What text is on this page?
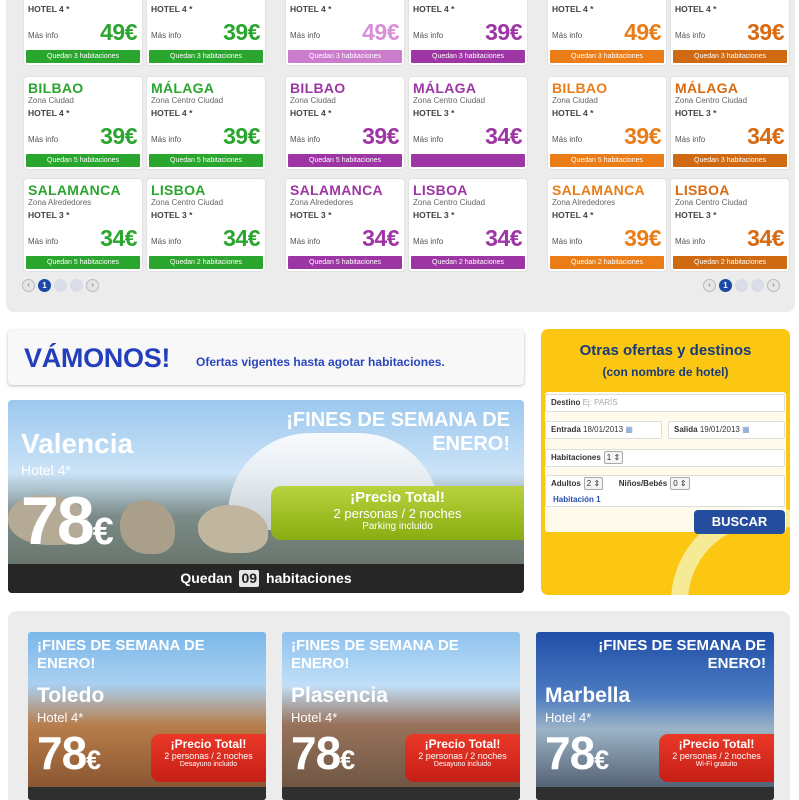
HOTEL 4 *
Más info 49€
Quedan 3 habitaciones
HOTEL 4 *
Más info 39€
Quedan 3 habitaciones
HOTEL 4 *
Más info 49€
Quedan 3 habitaciones
HOTEL 4 *
Más info 39€
Quedan 3 habitaciones
HOTEL 4 *
Más info 49€
Quedan 3 habitaciones
HOTEL 4 *
Más info 39€
Quedan 3 habitaciones
BILBAO
Zona Ciudad
HOTEL 4 *
Más info 39€
Quedan 5 habitaciones
MÁLAGA
Zona Centro Ciudad
HOTEL 4 *
Más info 39€
Quedan 5 habitaciones
BILBAO
Zona Ciudad
HOTEL 4 *
Más info 39€
Quedan 5 habitaciones
MÁLAGA
Zona Centro Ciudad
HOTEL 3 *
Más info 34€
BILBAO
Zona Ciudad
HOTEL 4 *
Más info 39€
Quedan 5 habitaciones
MÁLAGA
Zona Centro Ciudad
HOTEL 3 *
Más info 34€
Quedan 3 habitaciones
SALAMANCA
Zona Alrededores
HOTEL 3 *
Más info 34€
Quedan 5 habitaciones
LISBOA
Zona Centro Ciudad
HOTEL 3 *
Más info 34€
Quedan 2 habitaciones
SALAMANCA
Zona Alrededores
HOTEL 3 *
Más info 34€
Quedan 5 habitaciones
LISBOA
Zona Centro Ciudad
HOTEL 3 *
Más info 34€
Quedan 2 habitaciones
SALAMANCA
Zona Alrededores
HOTEL 4 *
Más info 39€
Quedan 2 habitaciones
LISBOA
Zona Centro Ciudad
HOTEL 3 *
Más info 34€
Quedan 2 habitaciones
‹	1	›	‹	1	›
VÁMONOS! Ofertas vigentes hasta agotar habitaciones.
¡FINES DE SEMANA DE ENERO!
Valencia
Hotel 4*
78€
¡Precio Total!
2 personas / 2 noches
Parking incluido
Quedan 09 habitaciones
Otras ofertas y destinos
(con nombre de hotel)
Destino Ej: PARÍS
Entrada 18/01/2013 ▦	Salida 19/01/2013 ▦
Habitaciones 1 ⇕
Adultos 2 ⇕ Niños/Bebés 0 ⇕
Habitación 1
BUSCAR
¡FINES DE SEMANA DE ENERO!
Toledo
Hotel 4*
78€
¡Precio Total!
2 personas / 2 noches
Desayuno incluido
¡FINES DE SEMANA DE ENERO!
Plasencia
Hotel 4*
78€
¡Precio Total!
2 personas / 2 noches
Desayuno incluido
¡FINES DE SEMANA DE ENERO!
Marbella
Hotel 4*
78€
¡Precio Total!
2 personas / 2 noches
Wi-Fi gratuito
